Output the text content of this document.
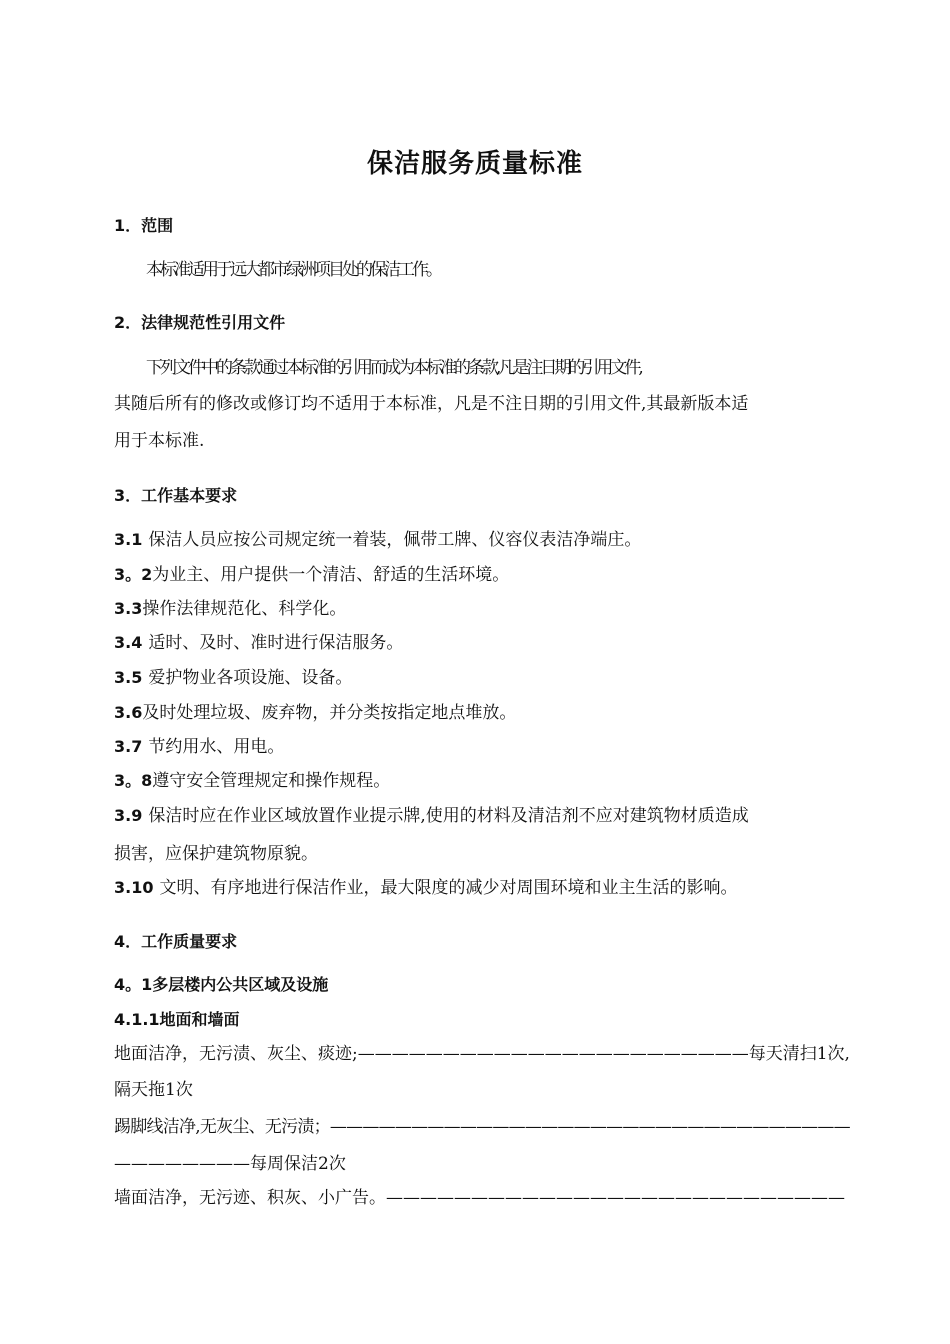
保洁服务质量标准
1．范围
本标准适用于远大都市绿洲项目处的保洁工作。
2．法律规范性引用文件
下列文件中的条款通过本标准的引用而成为本标准的条款,凡是注日期的引用文件,
其随后所有的修改或修订均不适用于本标准，凡是不注日期的引用文件,其最新版本适
用于本标准.
3．工作基本要求
3.1 保洁人员应按公司规定统一着装，佩带工牌、仪容仪表洁净端庄。
3。2为业主、用户提供一个清洁、舒适的生活环境。
3.3操作法律规范化、科学化。
3.4 适时、及时、准时进行保洁服务。
3.5 爱护物业各项设施、设备。
3.6及时处理垃圾、废弃物，并分类按指定地点堆放。
3.7 节约用水、用电。
3。8遵守安全管理规定和操作规程。
3.9 保洁时应在作业区域放置作业提示牌,使用的材料及清洁剂不应对建筑物材质造成
损害，应保护建筑物原貌。
3.10 文明、有序地进行保洁作业，最大限度的减少对周围环境和业主生活的影响。
4．工作质量要求
4。1多层楼内公共区域及设施
4.1.1地面和墙面
地面洁净，无污渍、灰尘、痰迹;———————————————————————每天清扫1次,
隔天拖1次
踢脚线洁净,无灰尘、无污渍；————————————————————————————————
————————每周保洁2次
墙面洁净，无污迹、积灰、小广告。———————————————————————————
